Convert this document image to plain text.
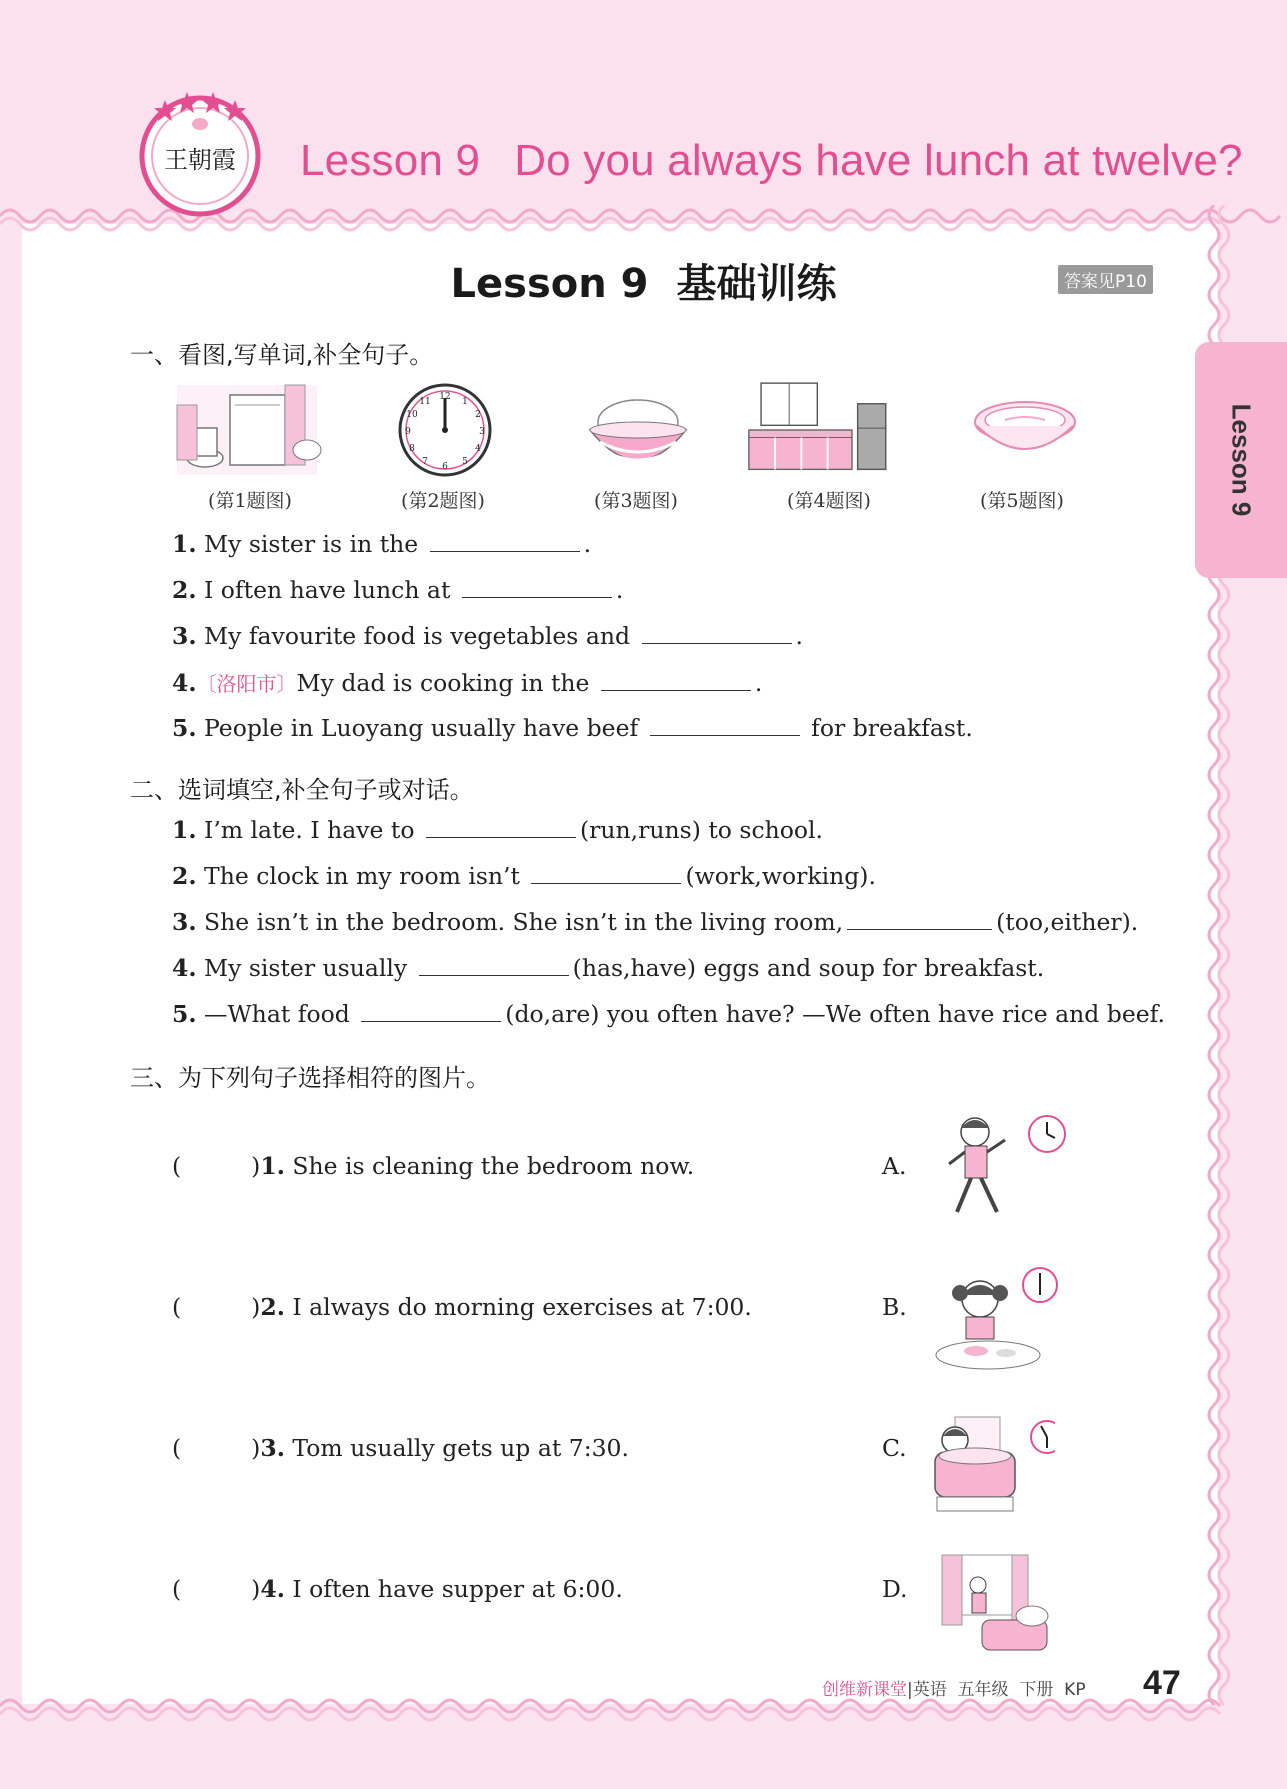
王朝霞 Lesson 9 Do you always have lunch at twelve?
Lesson 9
Lesson 9 基础训练	答案见P10
一、看图,写单词,补全句子。
12 1
2
3
4
5
6
7
8
9
10
11
(第1题图)	(第2题图)	(第3题图)	(第4题图)	(第5题图)
1. My sister is in the	.
2. I often have lunch at	.
3. My favourite food is vegetables and	.
4.〔洛阳市〕My dad is cooking in the	.
5. People in Luoyang usually have beef	for breakfast.
二、选词填空,补全句子或对话。
1. I’m late. I have to	(run,runs) to school.
2. The clock in my room isn’t	(work,working).
3. She isn’t in the bedroom. She isn’t in the living room,	(too,either).
4. My sister usually	(has,have) eggs and soup for breakfast.
5. —What food	(do,are) you often have? —We often have rice and beef.
三、为下列句子选择相符的图片。
(	)1. She is cleaning the bedroom now.	A.
(	)2. I always do morning exercises at 7:00.	B.
(	)3. Tom usually gets up at 7:30.	C.
(	)4. I often have supper at 6:00.	D.
创维新课堂|英语 五年级 下册 KP 47
